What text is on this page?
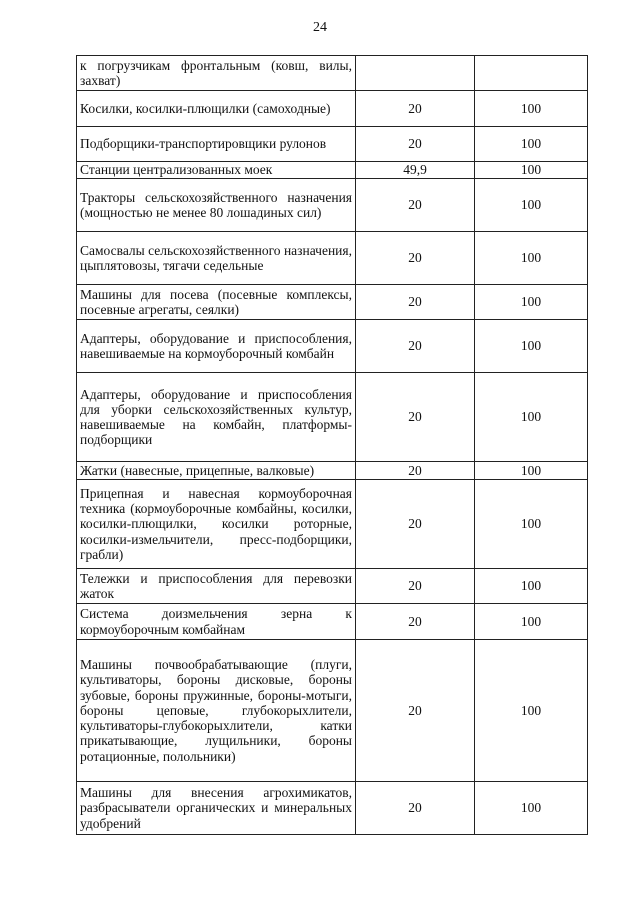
24
к погрузчикам фронтальным (ковш, вилы, захват)		
Косилки, косилки-плющилки (самоходные)	20	100
Подборщики-транспортировщики рулонов	20	100
Станции централизованных моек	49,9	100
Тракторы сельскохозяйственного назначения (мощностью не менее 80 лошадиных сил)	20	100
Самосвалы сельскохозяйственного назначения, цыплятовозы, тягачи седельные	20	100
Машины для посева (посевные комплексы, посевные агрегаты, сеялки)	20	100
Адаптеры, оборудование и приспособления, навешиваемые на кормоуборочный комбайн	20	100
Адаптеры, оборудование и приспособления для уборки сельскохозяйственных культур, навешиваемые на комбайн, платформы-подборщики	20	100
Жатки (навесные, прицепные, валковые)	20	100
Прицепная и навесная кормоуборочная техника (кормоуборочные комбайны, косилки, косилки-плющилки, косилки роторные, косилки-измельчители, пресс-подборщики, грабли)	20	100
Тележки и приспособления для перевозки жаток	20	100
Система доизмельчения зерна к кормоуборочным комбайнам	20	100
Машины почвообрабатывающие (плуги, культиваторы, бороны дисковые, бороны зубовые, бороны пружинные, бороны-мотыги, бороны цеповые, глубокорыхлители, культиваторы-глубокорыхлители, катки прикатывающие, лущильники, бороны ротационные, полольники)	20	100
Машины для внесения агрохимикатов, разбрасыватели органических и минеральных удобрений	20	100
